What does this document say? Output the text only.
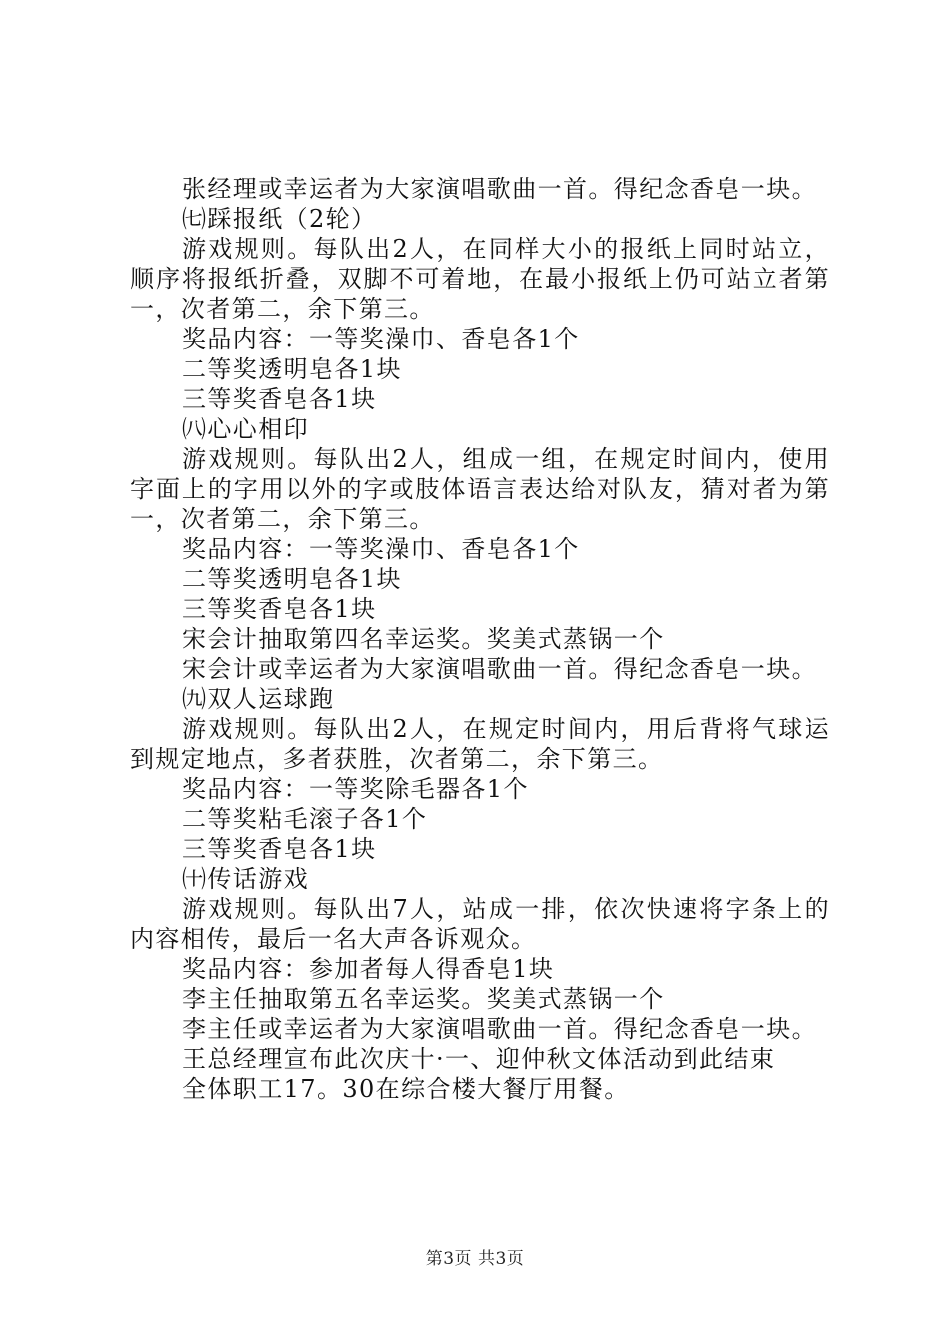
张经理或幸运者为大家演唱歌曲一首。得纪念香皂一块。
㈦踩报纸（2轮）
游戏规则。每队出2人，在同样大小的报纸上同时站立，
顺序将报纸折叠，双脚不可着地，在最小报纸上仍可站立者第
一，次者第二，余下第三。
奖品内容：一等奖澡巾、香皂各1个
二等奖透明皂各1块
三等奖香皂各1块
㈧心心相印
游戏规则。每队出2人，组成一组，在规定时间内，使用
字面上的字用以外的字或肢体语言表达给对队友，猜对者为第
一，次者第二，余下第三。
奖品内容：一等奖澡巾、香皂各1个
二等奖透明皂各1块
三等奖香皂各1块
宋会计抽取第四名幸运奖。奖美式蒸锅一个
宋会计或幸运者为大家演唱歌曲一首。得纪念香皂一块。
㈨双人运球跑
游戏规则。每队出2人，在规定时间内，用后背将气球运
到规定地点，多者获胜，次者第二，余下第三。
奖品内容：一等奖除毛器各1个
二等奖粘毛滚子各1个
三等奖香皂各1块
㈩传话游戏
游戏规则。每队出7人，站成一排，依次快速将字条上的
内容相传，最后一名大声各诉观众。
奖品内容：参加者每人得香皂1块
李主任抽取第五名幸运奖。奖美式蒸锅一个
李主任或幸运者为大家演唱歌曲一首。得纪念香皂一块。
王总经理宣布此次庆十·一、迎仲秋文体活动到此结束
全体职工17。30在综合楼大餐厅用餐。
第3页 共3页
